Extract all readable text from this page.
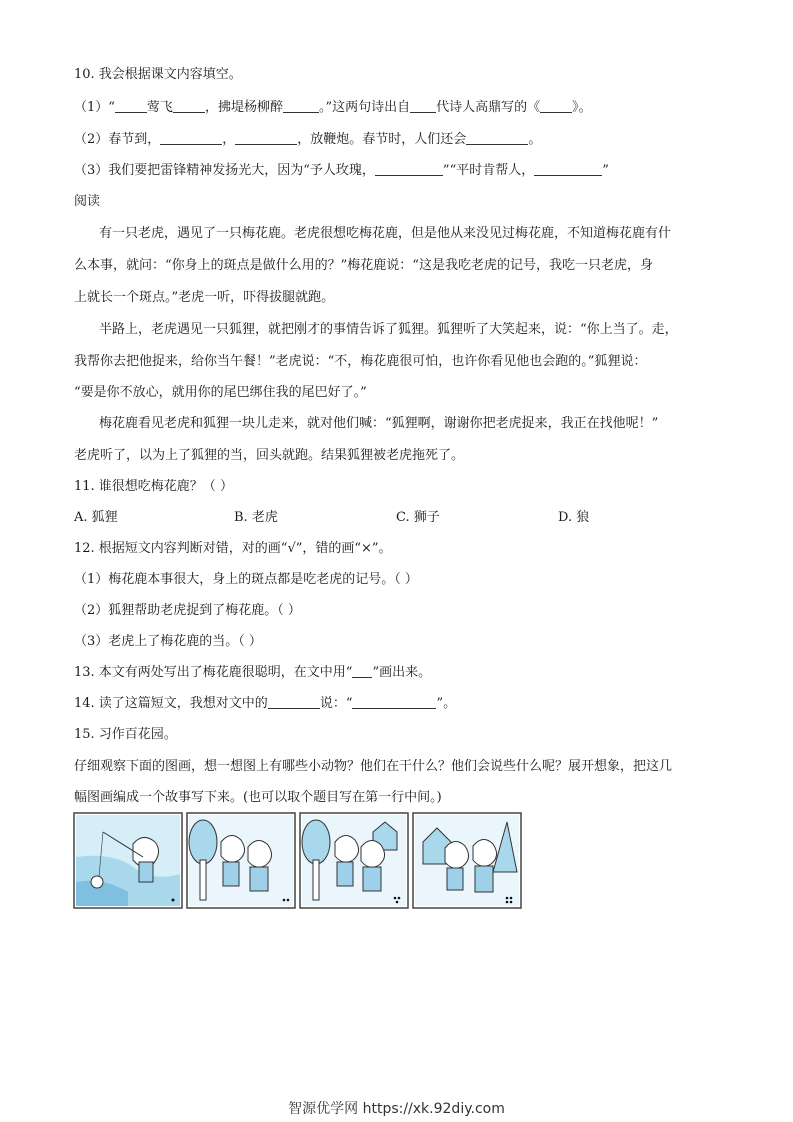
10. 我会根据课文内容填空。
（1）“ 莺飞 ，拂堤杨柳醉	。”这两句诗出自 代诗人高鼎写的《 》。
（2）春节到，	，	，放鞭炮。春节时，人们还会	。
（3）我们要把雷锋精神发扬光大，因为“予人玫瑰，	”“平时肯帮人，	”
阅读
有一只老虎，遇见了一只梅花鹿。老虎很想吃梅花鹿，但是他从来没见过梅花鹿，不知道梅花鹿有什
么本事，就问：“你身上的斑点是做什么用的？”梅花鹿说：“这是我吃老虎的记号，我吃一只老虎，身
上就长一个斑点。”老虎一听，吓得拔腿就跑。
半路上，老虎遇见一只狐狸，就把刚才的事情告诉了狐狸。狐狸听了大笑起来，说：“你上当了。走，
我帮你去把他捉来，给你当午餐！”老虎说：“不，梅花鹿很可怕，也许你看见他也会跑的。”狐狸说：
“要是你不放心，就用你的尾巴绑住我的尾巴好了。”
梅花鹿看见老虎和狐狸一块儿走来，就对他们喊：“狐狸啊，谢谢你把老虎捉来，我正在找他呢！”
老虎听了，以为上了狐狸的当，回头就跑。结果狐狸被老虎拖死了。
11. 谁很想吃梅花鹿？（ ）
A. 狐狸	B. 老虎	C. 狮子	D. 狼
12. 根据短文内容判断对错，对的画“√”，错的画“×”。
（1）梅花鹿本事很大，身上的斑点都是吃老虎的记号。（ ）
（2）狐狸帮助老虎捉到了梅花鹿。（ ）
（3）老虎上了梅花鹿的当。（ ）
13. 本文有两处写出了梅花鹿很聪明，在文中用“ ”画出来。
14. 读了这篇短文，我想对文中的	说：“	”。
15. 习作百花园。
仔细观察下面的图画，想一想图上有哪些小动物？他们在干什么？他们会说些什么呢？展开想象，把这几
幅图画编成一个故事写下来。(也可以取个题目写在第一行中间。)
智源优学网 https://xk.92diy.com
